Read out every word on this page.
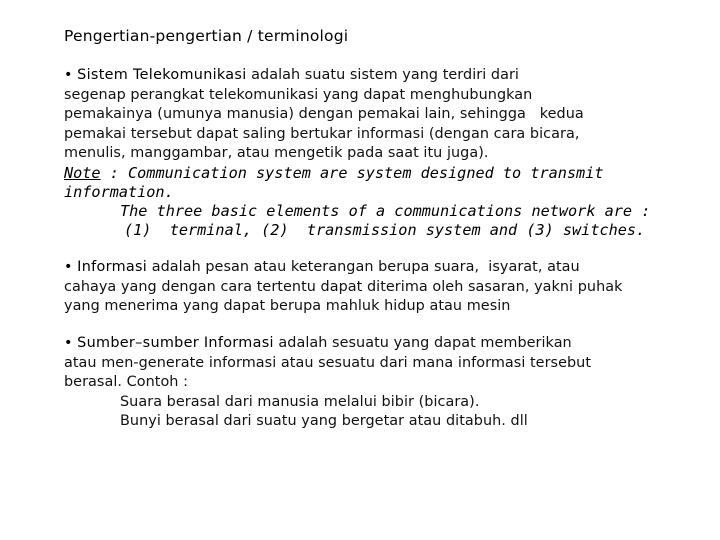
Pengertian-pengertian / terminologi
• Sistem Telekomunikasi adalah suatu sistem yang terdiri dari
segenap perangkat telekomunikasi yang dapat menghubungkan
pemakainya (umunya manusia) dengan pemakai lain, sehingga   kedua
pemakai tersebut dapat saling bertukar informasi (dengan cara bicara,
menulis, manggambar, atau mengetik pada saat itu juga).
Note : Communication system are system designed to transmit
information.
The three basic elements of a communications network are :
(1)  terminal, (2)  transmission system and (3) switches.
• Informasi adalah pesan atau keterangan berupa suara,  isyarat, atau
cahaya yang dengan cara tertentu dapat diterima oleh sasaran, yakni puhak
yang menerima yang dapat berupa mahluk hidup atau mesin
• Sumber–sumber Informasi adalah sesuatu yang dapat memberikan
atau men-generate informasi atau sesuatu dari mana informasi tersebut
berasal. Contoh :
Suara berasal dari manusia melalui bibir (bicara).
Bunyi berasal dari suatu yang bergetar atau ditabuh. dll
